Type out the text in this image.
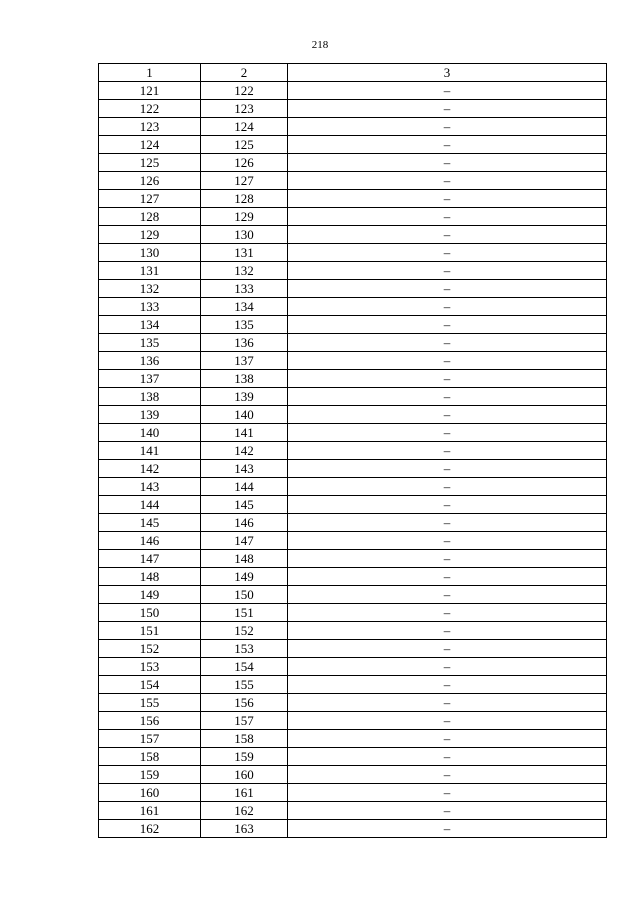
218
1	2	3
121	122	–
122	123	–
123	124	–
124	125	–
125	126	–
126	127	–
127	128	–
128	129	–
129	130	–
130	131	–
131	132	–
132	133	–
133	134	–
134	135	–
135	136	–
136	137	–
137	138	–
138	139	–
139	140	–
140	141	–
141	142	–
142	143	–
143	144	–
144	145	–
145	146	–
146	147	–
147	148	–
148	149	–
149	150	–
150	151	–
151	152	–
152	153	–
153	154	–
154	155	–
155	156	–
156	157	–
157	158	–
158	159	–
159	160	–
160	161	–
161	162	–
162	163	–
